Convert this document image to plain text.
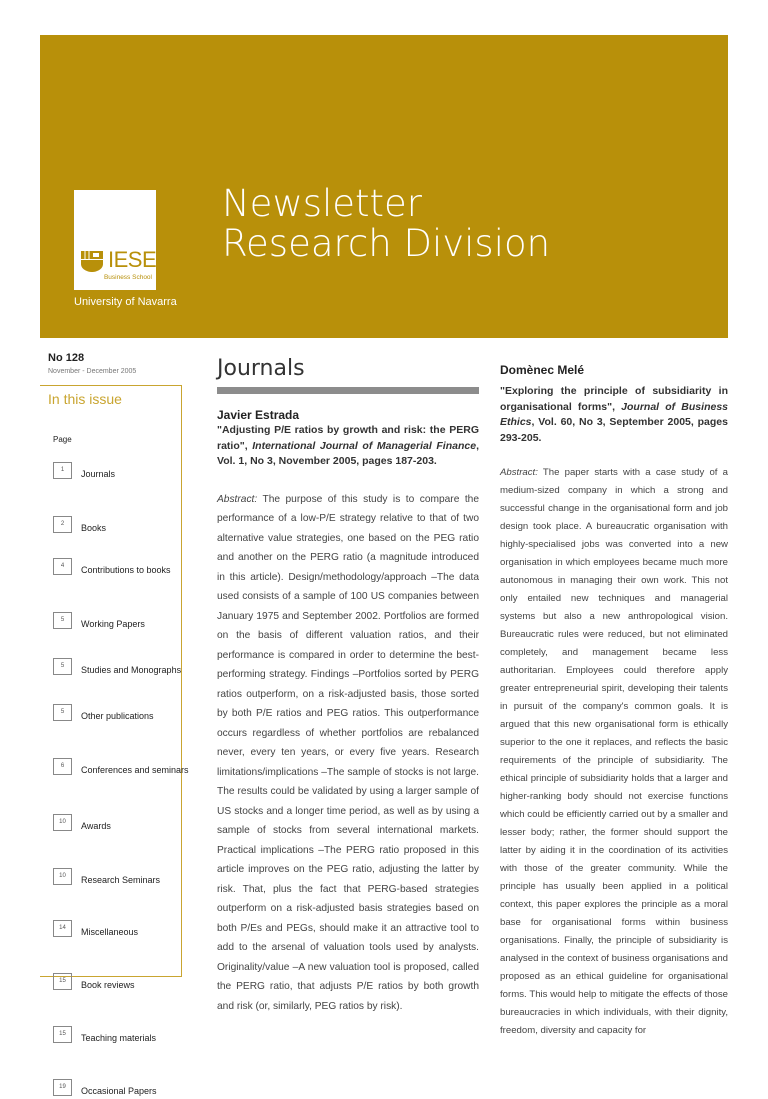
IESE
Business School
University of Navarra
Newsletter
Research Division
No 128
November - December 2005
In this issue
Page
1	Journals
2	Books
4	Contributions to books
5	Working Papers
5	Studies and Monographs
5	Other publications
6	Conferences and seminars
10	Awards
10	Research Seminars
14	Miscellaneous
15	Book reviews
15	Teaching materials
19	Occasional Papers
Journals
Javier Estrada
"Adjusting P/E ratios by growth and risk: the PERG ratio", International Journal of Managerial Finance, Vol. 1, No 3, November 2005, pages 187-203.
Abstract: The purpose of this study is to compare the performance of a low-P/E strategy relative to that of two alternative value strategies, one based on the PEG ratio and another on the PERG ratio (a magnitude introduced in this article). Design/methodology/approach –The data used consists of a sample of 100 US companies between January 1975 and September 2002. Portfolios are formed on the basis of different valuation ratios, and their performance is compared in order to determine the best-performing strategy. Findings –Portfolios sorted by PERG ratios outperform, on a risk-adjusted basis, those sorted by both P/E ratios and PEG ratios. This outperformance occurs regardless of whether portfolios are rebalanced never, every ten years, or every five years. Research limitations/implications –The sample of stocks is not large. The results could be validated by using a larger sample of US stocks and a longer time period, as well as by using a sample of stocks from several international markets. Practical implications –The PERG ratio proposed in this article improves on the PEG ratio, adjusting the latter by risk. That, plus the fact that PERG-based strategies outperform on a risk-adjusted basis strategies based on both P/Es and PEGs, should make it an attractive tool to add to the arsenal of valuation tools used by analysts. Originality/value –A new valuation tool is proposed, called the PERG ratio, that adjusts P/E ratios by both growth and risk (or, similarly, PEG ratios by risk).
Domènec Melé
"Exploring the principle of subsidiarity in organisational forms", Journal of Business Ethics, Vol. 60, No 3, September 2005, pages 293-205.
Abstract: The paper starts with a case study of a medium-sized company in which a strong and successful change in the organisational form and job design took place. A bureaucratic organisation with highly-specialised jobs was converted into a new organisation in which employees became much more autonomous in managing their own work. This not only entailed new techniques and managerial systems but also a new anthropological vision. Bureaucratic rules were reduced, but not eliminated completely, and management became less authoritarian. Employees could therefore apply greater entrepreneurial spirit, developing their talents in pursuit of the company's common goals. It is argued that this new organisational form is ethically superior to the one it replaces, and reflects the basic requirements of the principle of subsidiarity. The ethical principle of subsidiarity holds that a larger and higher-ranking body should not exercise functions which could be efficiently carried out by a smaller and lesser body; rather, the former should support the latter by aiding it in the coordination of its activities with those of the greater community. While the principle has usually been applied in a political context, this paper explores the principle as a moral base for organisational forms within business organisations. Finally, the principle of subsidiarity is analysed in the context of business organisations and proposed as an ethical guideline for organisational forms. This would help to mitigate the effects of those bureaucracies in which individuals, with their dignity, freedom, diversity and capacity for
